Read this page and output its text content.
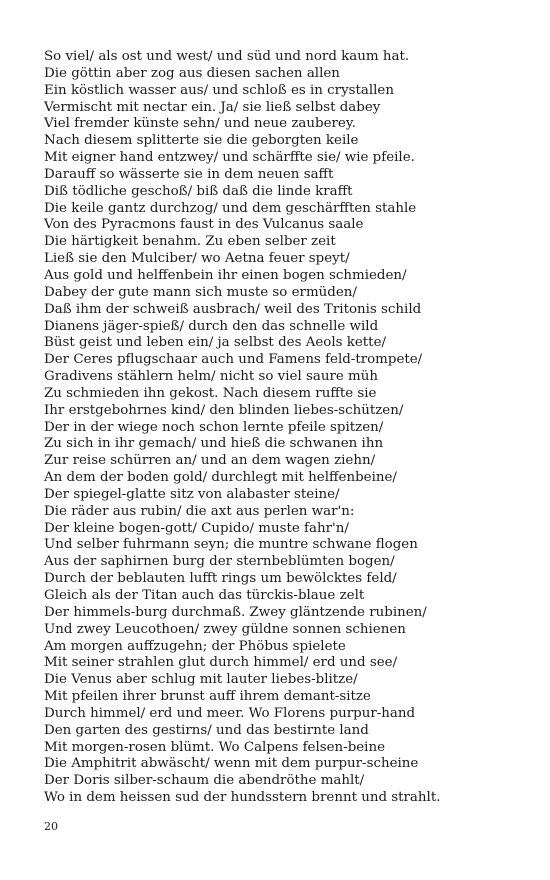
So viel/ als ost und west/ und süd und nord kaum hat.
Die göttin aber zog aus diesen sachen allen
Ein köstlich wasser aus/ und schloß es in crystallen
Vermischt mit nectar ein. Ja/ sie ließ selbst dabey
Viel fremder künste sehn/ und neue zauberey.
Nach diesem splitterte sie die geborgten keile
Mit eigner hand entzwey/ und schärffte sie/ wie pfeile.
Darauff so wässerte sie in dem neuen safft
Diß tödliche geschoß/ biß daß die linde krafft
Die keile gantz durchzog/ und dem geschärfften stahle
Von des Pyracmons faust in des Vulcanus saale
Die härtigkeit benahm. Zu eben selber zeit
Ließ sie den Mulciber/ wo Aetna feuer speyt/
Aus gold und helffenbein ihr einen bogen schmieden/
Dabey der gute mann sich muste so ermüden/
Daß ihm der schweiß ausbrach/ weil des Tritonis schild
Dianens jäger-spieß/ durch den das schnelle wild
Büst geist und leben ein/ ja selbst des Aeols kette/
Der Ceres pflugschaar auch und Famens feld-trompete/
Gradivens stählern helm/ nicht so viel saure müh
Zu schmieden ihn gekost. Nach diesem ruffte sie
Ihr erstgebohrnes kind/ den blinden liebes-schützen/
Der in der wiege noch schon lernte pfeile spitzen/
Zu sich in ihr gemach/ und hieß die schwanen ihn
Zur reise schürren an/ und an dem wagen ziehn/
An dem der boden gold/ durchlegt mit helffenbeine/
Der spiegel-glatte sitz von alabaster steine/
Die räder aus rubin/ die axt aus perlen war'n:
Der kleine bogen-gott/ Cupido/ muste fahr'n/
Und selber fuhrmann seyn; die muntre schwane flogen
Aus der saphirnen burg der sternbeblümten bogen/
Durch der beblauten lufft rings um bewölcktes feld/
Gleich als der Titan auch das türckis-blaue zelt
Der himmels-burg durchmaß. Zwey gläntzende rubinen/
Und zwey Leucothoen/ zwey güldne sonnen schienen
Am morgen auffzugehn; der Phöbus spielete
Mit seiner strahlen glut durch himmel/ erd und see/
Die Venus aber schlug mit lauter liebes-blitze/
Mit pfeilen ihrer brunst auff ihrem demant-sitze
Durch himmel/ erd und meer. Wo Florens purpur-hand
Den garten des gestirns/ und das bestirnte land
Mit morgen-rosen blümt. Wo Calpens felsen-beine
Die Amphitrit abwäscht/ wenn mit dem purpur-scheine
Der Doris silber-schaum die abendröthe mahlt/
Wo in dem heissen sud der hundsstern brennt und strahlt.
20
